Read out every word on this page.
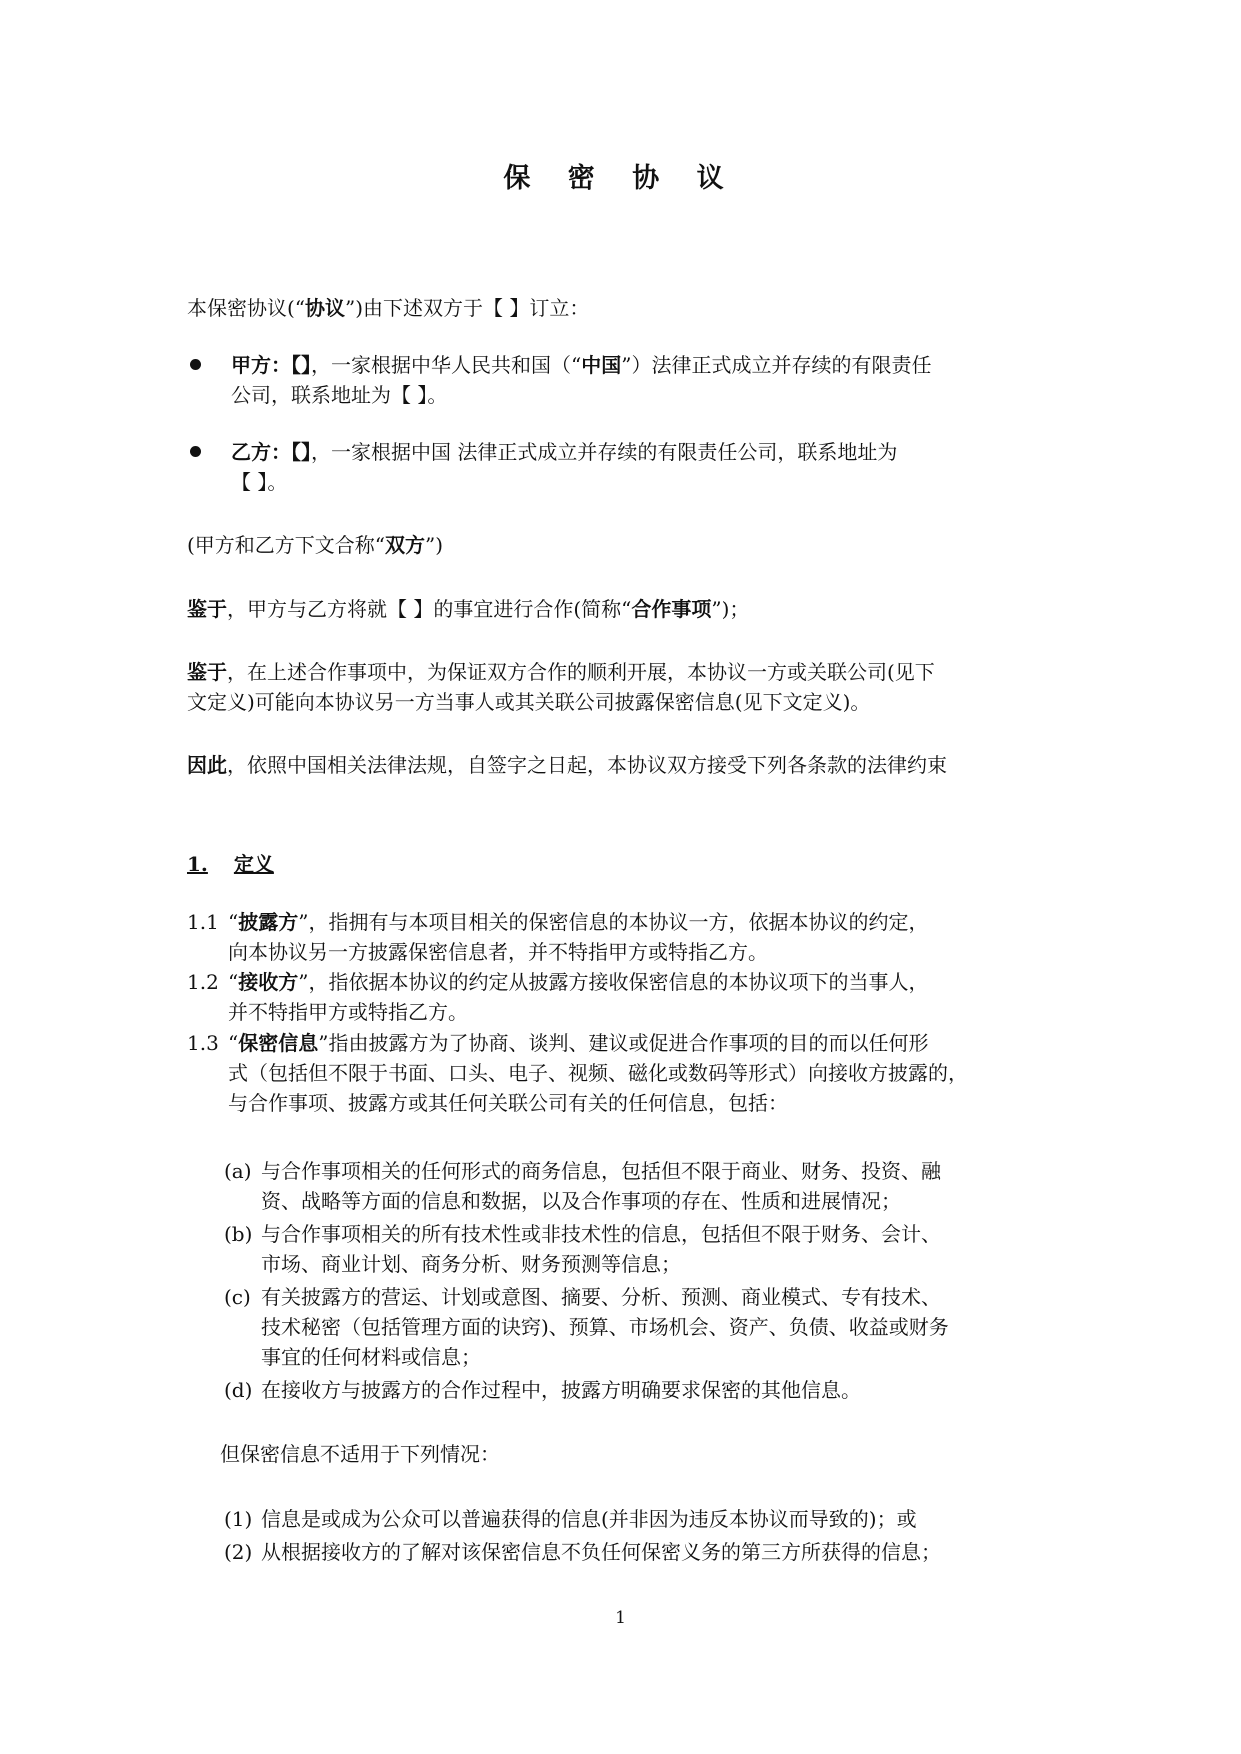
保 密 协 议
本保密协议(“协议”)由下述双方于【 】订立：
甲方：【】，一家根据中华人民共和国（“中国”）法律正式成立并存续的有限责任
公司，联系地址为【 】。
乙方：【】，一家根据中国 法律正式成立并存续的有限责任公司，联系地址为
【 】。
(甲方和乙方下文合称“双方”)
鉴于，甲方与乙方将就【 】的事宜进行合作(简称“合作事项”)；
鉴于，在上述合作事项中，为保证双方合作的顺利开展，本协议一方或关联公司(见下
文定义)可能向本协议另一方当事人或其关联公司披露保密信息(见下文定义)。
因此，依照中国相关法律法规，自签字之日起，本协议双方接受下列各条款的法律约束
1. 定义
1.1 “披露方”，指拥有与本项目相关的保密信息的本协议一方，依据本协议的约定，
向本协议另一方披露保密信息者，并不特指甲方或特指乙方。
1.2 “接收方”，指依据本协议的约定从披露方接收保密信息的本协议项下的当事人，
并不特指甲方或特指乙方。
1.3 “保密信息”指由披露方为了协商、谈判、建议或促进合作事项的目的而以任何形
式（包括但不限于书面、口头、电子、视频、磁化或数码等形式）向接收方披露的，
与合作事项、披露方或其任何关联公司有关的任何信息，包括：
(a) 与合作事项相关的任何形式的商务信息，包括但不限于商业、财务、投资、融
资、战略等方面的信息和数据，以及合作事项的存在、性质和进展情况；
(b) 与合作事项相关的所有技术性或非技术性的信息，包括但不限于财务、会计、
市场、商业计划、商务分析、财务预测等信息；
(c) 有关披露方的营运、计划或意图、摘要、分析、预测、商业模式、专有技术、
技术秘密（包括管理方面的诀窍)、预算、市场机会、资产、负债、收益或财务
事宜的任何材料或信息；
(d) 在接收方与披露方的合作过程中，披露方明确要求保密的其他信息。
但保密信息不适用于下列情况：
(1) 信息是或成为公众可以普遍获得的信息(并非因为违反本协议而导致的)；或
(2) 从根据接收方的了解对该保密信息不负任何保密义务的第三方所获得的信息；
1
